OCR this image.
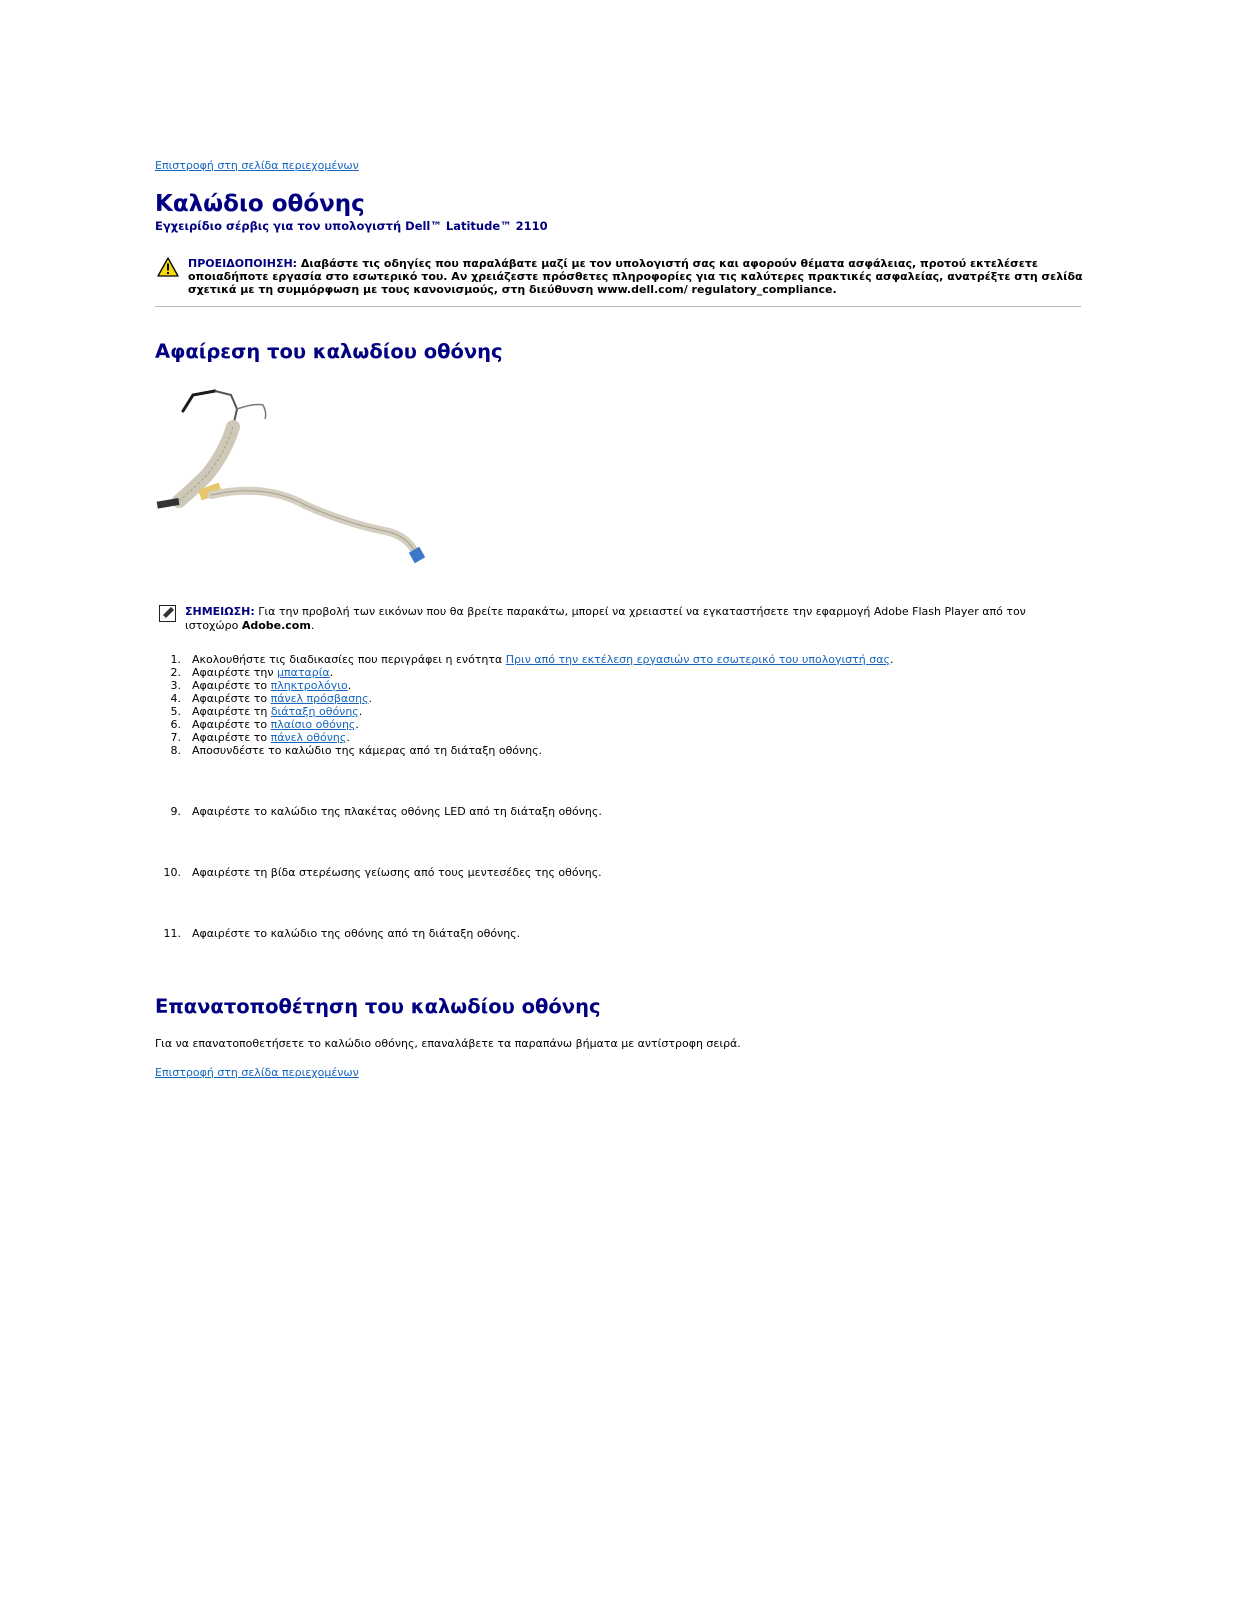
Επιστροφή στη σελίδα περιεχομένων
Καλώδιο οθόνης
Εγχειρίδιο σέρβις για τον υπολογιστή Dell™ Latitude™ 2110
ΠΡΟΕΙΔΟΠΟΙΗΣΗ: Διαβάστε τις οδηγίες που παραλάβατε μαζί με τον υπολογιστή σας και αφορούν θέματα ασφάλειας, προτού εκτελέσετε
οποιαδήποτε εργασία στο εσωτερικό του. Αν χρειάζεστε πρόσθετες πληροφορίες για τις καλύτερες πρακτικές ασφαλείας, ανατρέξτε στη σελίδα
σχετικά με τη συμμόρφωση με τους κανονισμούς, στη διεύθυνση www.dell.com/ regulatory_compliance.
Αφαίρεση του καλωδίου οθόνης
ΣΗΜΕΙΩΣΗ: Για την προβολή των εικόνων που θα βρείτε παρακάτω, μπορεί να χρειαστεί να εγκαταστήσετε την εφαρμογή Adobe Flash Player από τον
ιστοχώρο Adobe.com.
1. Ακολουθήστε τις διαδικασίες που περιγράφει η ενότητα Πριν από την εκτέλεση εργασιών στο εσωτερικό του υπολογιστή σας.
2. Αφαιρέστε την μπαταρία.
3. Αφαιρέστε το πληκτρολόγιο.
4. Αφαιρέστε το πάνελ πρόσβασης.
5. Αφαιρέστε τη διάταξη οθόνης.
6. Αφαιρέστε το πλαίσιο οθόνης.
7. Αφαιρέστε το πάνελ οθόνης.
8. Αποσυνδέστε το καλώδιο της κάμερας από τη διάταξη οθόνης.
9. Αφαιρέστε το καλώδιο της πλακέτας οθόνης LED από τη διάταξη οθόνης.
10. Αφαιρέστε τη βίδα στερέωσης γείωσης από τους μεντεσέδες της οθόνης.
11. Αφαιρέστε το καλώδιο της οθόνης από τη διάταξη οθόνης.
Επανατοποθέτηση του καλωδίου οθόνης
Για να επανατοποθετήσετε το καλώδιο οθόνης, επαναλάβετε τα παραπάνω βήματα με αντίστροφη σειρά.
Επιστροφή στη σελίδα περιεχομένων
